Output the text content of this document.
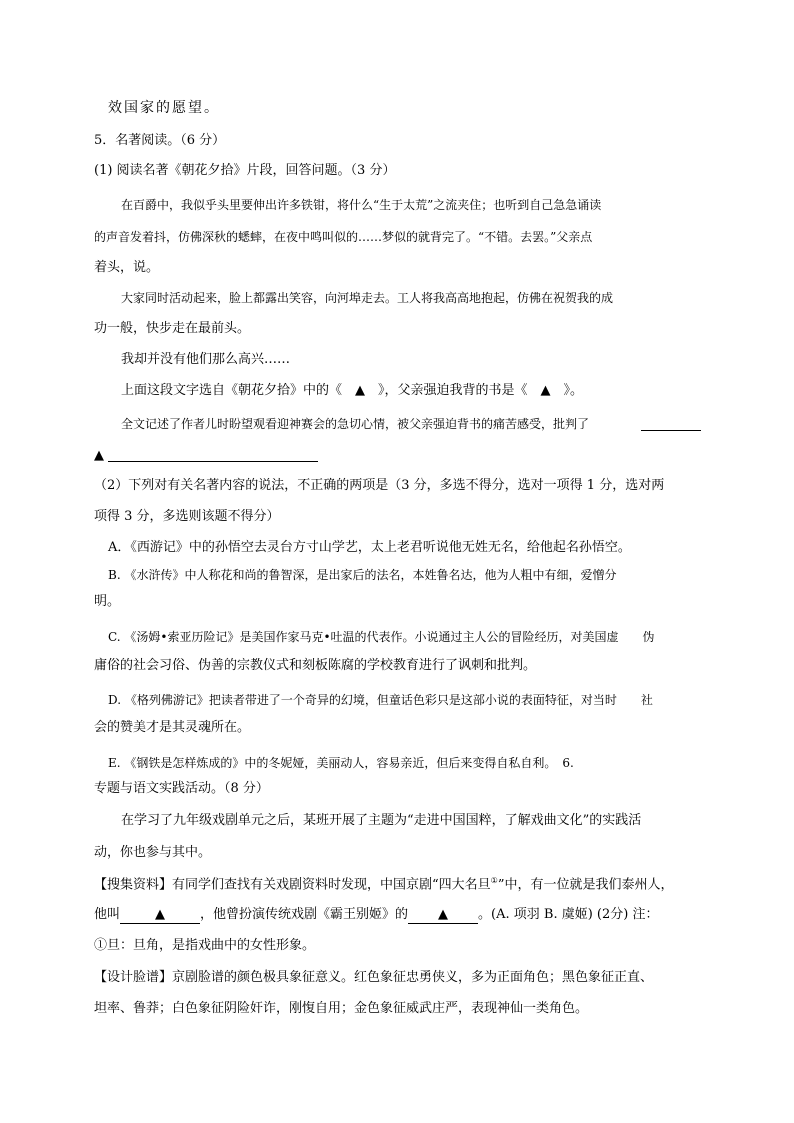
效国家的愿望。
5．名著阅读。（6 分）
(1) 阅读名著《朝花夕拾》片段，回答问题。（3 分）
在百爵中，我似乎头里要伸出许多铁钳，将什么“生于太荒”之流夹住；也听到自己急急诵读
的声音发着抖，仿佛深秋的蟋蟀，在夜中鸣叫似的……梦似的就背完了。“不错。去罢。”父亲点
着头，说。
大家同时活动起来，脸上都露出笑容，向河埠走去。工人将我高高地抱起，仿佛在祝贺我的成
功一般，快步走在最前头。
我却并没有他们那么高兴……
上面这段文字选自《朝花夕拾》中的《　▲　》，父亲强迫我背的书是《　▲　》。
全文记述了作者儿时盼望观看迎神赛会的急切心情，被父亲强迫背书的痛苦感受，批判了
▲
（2）下列对有关名著内容的说法，不正确的两项是（3 分，多选不得分，选对一项得 1 分，选对两
项得 3 分，多选则该题不得分）
A．《西游记》中的孙悟空去灵台方寸山学艺，太上老君听说他无姓无名，给他起名孙悟空。
B. 《水浒传》中人称花和尚的鲁智深，是出家后的法名，本姓鲁名达，他为人粗中有细，爱憎分
明。
C. 《汤姆•索亚历险记》是美国作家马克•吐温的代表作。小说通过主人公的冒险经历，对美国虚　　伪
庸俗的社会习俗、伪善的宗教仪式和刻板陈腐的学校教育进行了讽刺和批判。
D. 《格列佛游记》把读者带进了一个奇异的幻境，但童话色彩只是这部小说的表面特征，对当时　　社
会的赞美才是其灵魂所在。
E. 《钢铁是怎样炼成的》中的冬妮娅，美丽动人，容易亲近，但后来变得自私自利。　6.
专题与语文实践活动。（8 分）
在学习了九年级戏剧单元之后，某班开展了主题为“走进中国国粹，了解戏曲文化”的实践活
动，你也参与其中。
【搜集资料】有同学们查找有关戏剧资料时发现，中国京剧“四大名旦①”中，有一位就是我们泰州人，
他叫	▲	，他曾扮演传统戏剧《霸王别姬》的 ▲ 。(A. 项羽 B. 虞姬) (2分) 注：
①旦：旦角，是指戏曲中的女性形象。
【设计脸谱】京剧脸谱的颜色极具象征意义。红色象征忠勇侠义，多为正面角色；黑色象征正直、
坦率、鲁莽；白色象征阴险奸诈，刚愎自用；金色象征威武庄严，表现神仙一类角色。
